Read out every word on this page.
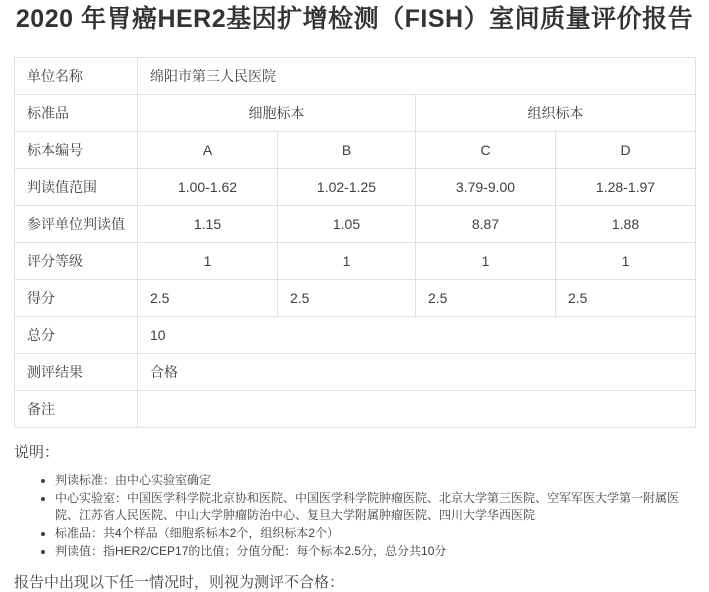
2020 年胃癌HER2基因扩增检测（FISH）室间质量评价报告
单位名称	绵阳市第三人民医院			
标准品	细胞标本		组织标本	
标本编号	A	B	C	D
判读值范围	1.00-1.62	1.02-1.25	3.79-9.00	1.28-1.97
参评单位判读值	1.15	1.05	8.87	1.88
评分等级	1	1	1	1
得分	2.5	2.5	2.5	2.5
总分	10			
测评结果	合格			
备注				
说明：
• 判读标准：由中心实验室确定
• 中心实验室：中国医学科学院北京协和医院、中国医学科学院肿瘤医院、北京大学第三医院、空军军医大学第一附属医院、江苏省人民医院、中山大学肿瘤防治中心、复旦大学附属肿瘤医院、四川大学华西医院
• 标准品：共4个样品（细胞系标本2个，组织标本2个）
• 判读值：指HER2/CEP17的比值；分值分配：每个标本2.5分，总分共10分
报告中出现以下任一情况时，则视为测评不合格：
